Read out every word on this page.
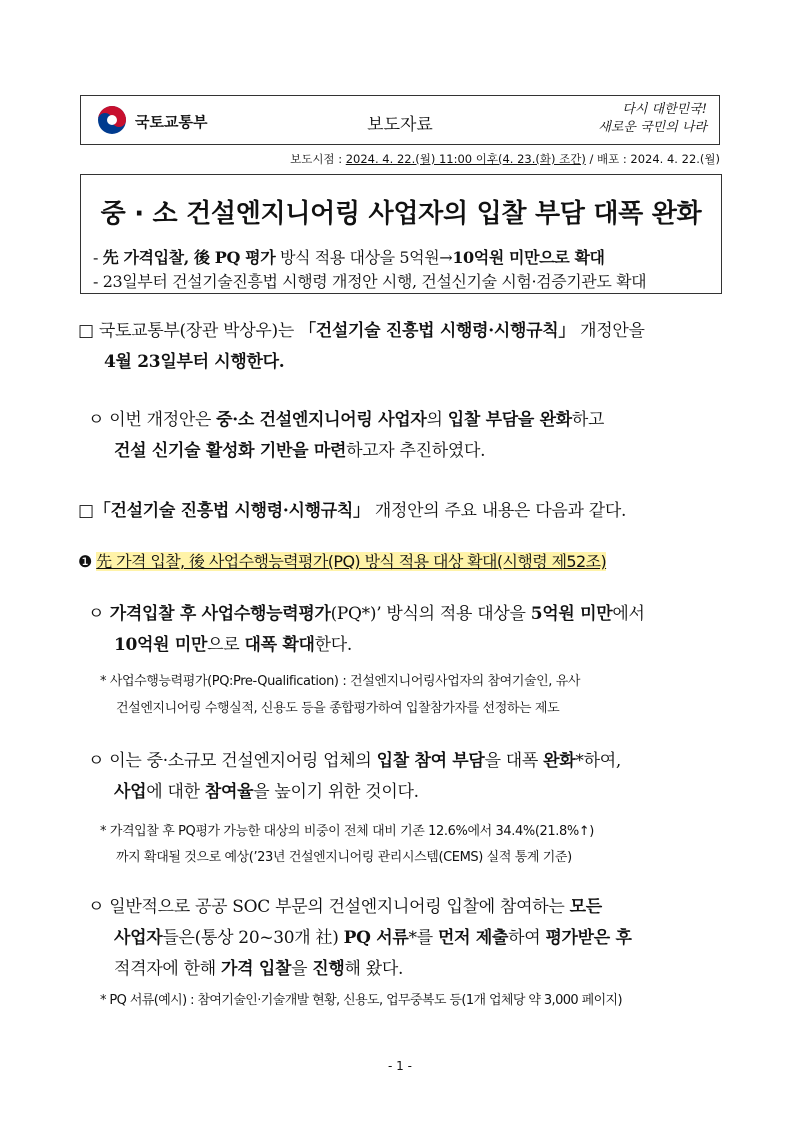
국토교통부	보도자료
다시 대한민국!
새로운 국민의 나라
보도시점 : 2024. 4. 22.(월) 11:00 이후(4. 23.(화) 조간) / 배포 : 2024. 4. 22.(월)
중 · 소 건설엔지니어링 사업자의 입찰 부담 대폭 완화
- 先 가격입찰, 後 PQ 평가 방식 적용 대상을 5억원→10억원 미만으로 확대
- 23일부터 건설기술진흥법 시행령 개정안 시행, 건설신기술 시험·검증기관도 확대
□ 국토교통부(장관 박상우)는 「건설기술 진흥법 시행령·시행규칙」 개정안을
4월 23일부터 시행한다.
ㅇ 이번 개정안은 중·소 건설엔지니어링 사업자의 입찰 부담을 완화하고
건설 신기술 활성화 기반을 마련하고자 추진하였다.
□「건설기술 진흥법 시행령·시행규칙」 개정안의 주요 내용은 다음과 같다.
❶ 先 가격 입찰, 後 사업수행능력평가(PQ) 방식 적용 대상 확대(시행령 제52조)
ㅇ 가격입찰 후 사업수행능력평가(PQ*)’ 방식의 적용 대상을 5억원 미만에서
10억원 미만으로 대폭 확대한다.
* 사업수행능력평가(PQ:Pre-Qualification) : 건설엔지니어링사업자의 참여기술인, 유사
건설엔지니어링 수행실적, 신용도 등을 종합평가하여 입찰참가자를 선정하는 제도
ㅇ 이는 중·소규모 건설엔지어링 업체의 입찰 참여 부담을 대폭 완화*하여,
사업에 대한 참여율을 높이기 위한 것이다.
* 가격입찰 후 PQ평가 가능한 대상의 비중이 전체 대비 기존 12.6%에서 34.4%(21.8%↑)
까지 확대될 것으로 예상(’23년 건설엔지니어링 관리시스템(CEMS) 실적 통계 기준)
ㅇ 일반적으로 공공 SOC 부문의 건설엔지니어링 입찰에 참여하는 모든
사업자들은(통상 20~30개 社) PQ 서류*를 먼저 제출하여 평가받은 후
적격자에 한해 가격 입찰을 진행해 왔다.
* PQ 서류(예시) : 참여기술인·기술개발 현황, 신용도, 업무중복도 등(1개 업체당 약 3,000 페이지)
- 1 -
